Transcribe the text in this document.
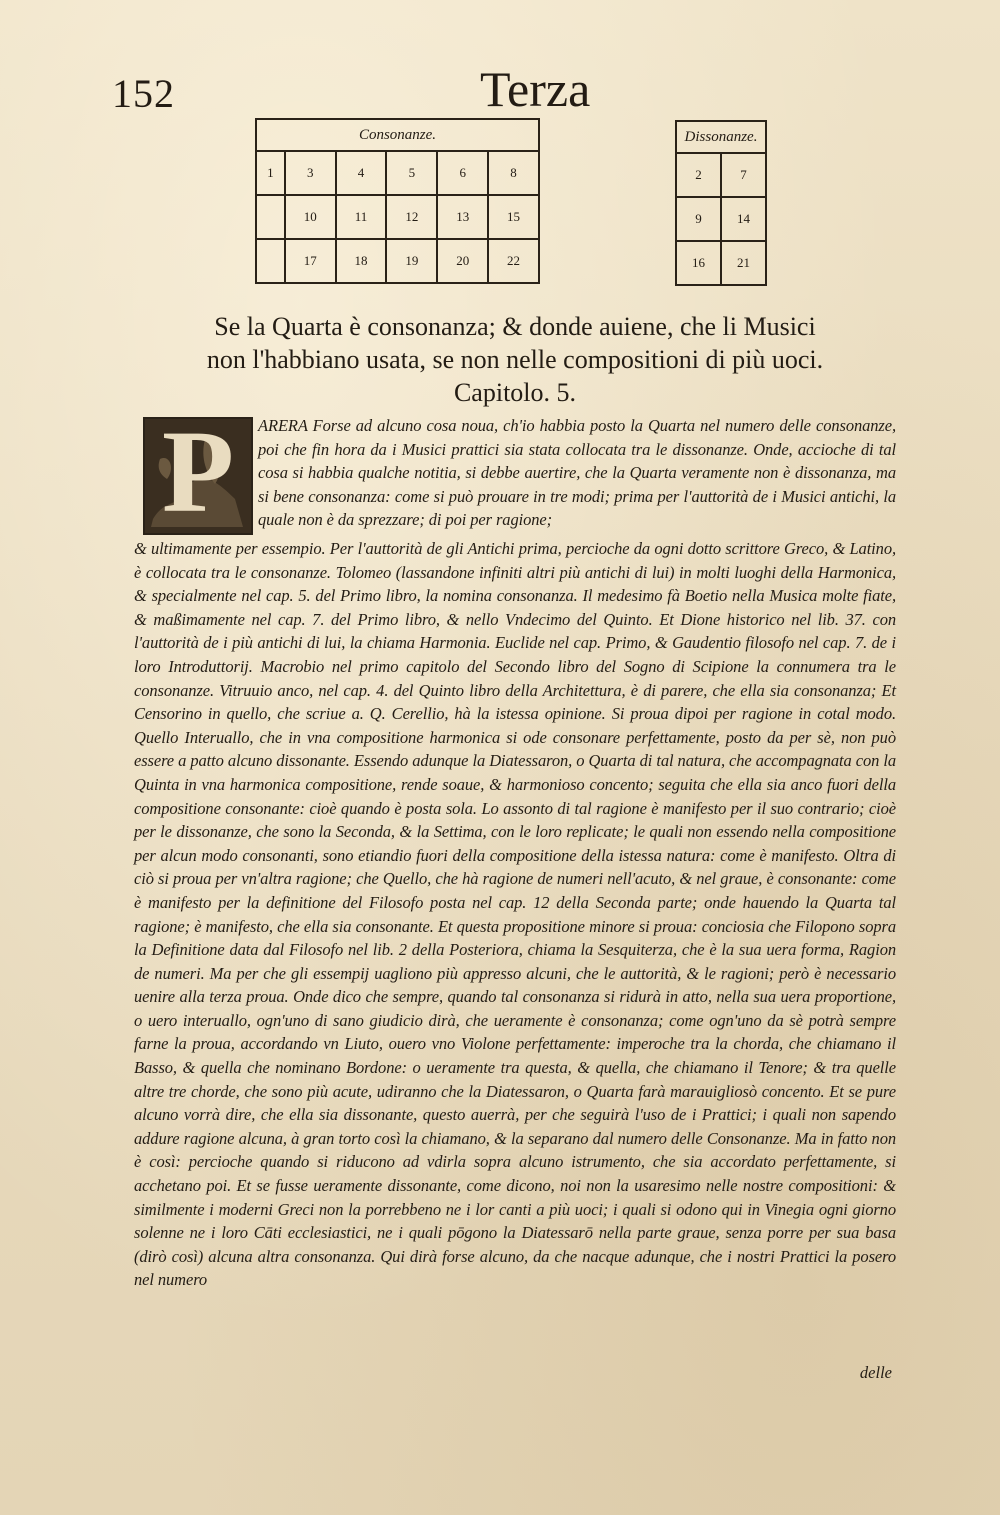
152	Terza
Consonanze.					
1	3	4	5	6	8
	10	11	12	13	15
	17	18	19	20	22
Dissonanze.	
2	7
9	14
16	21
Se la Quarta è consonanza; & donde auiene, che li Musici non l'habbiano usata, se non nelle compositioni di più uoci. Capitolo. 5.
P	ARERA Forse ad alcuno cosa noua, ch'io habbia posto la Quarta nel numero delle consonanze, poi che fin hora da i Musici prattici sia stata collocata tra le dissonanze. Onde, accioche di tal cosa si habbia qualche notitia, si debbe auertire, che la Quarta veramente non è dissonanza, ma si bene consonanza: come si può prouare in tre modi; prima per l'auttorità de i Musici antichi, la quale non è da sprezzare; di poi per ragione;
& ultimamente per essempio. Per l'auttorità de gli Antichi prima, percioche da ogni dotto scrittore Greco, & Latino, è collocata tra le consonanze. Tolomeo (lassandone infiniti altri più antichi di lui) in molti luoghi della Harmonica, & specialmente nel cap. 5. del Primo libro, la nomina consonanza. Il medesimo fà Boetio nella Musica molte fiate, & maßimamente nel cap. 7. del Primo libro, & nello Vndecimo del Quinto. Et Dione historico nel lib. 37. con l'auttorità de i più antichi di lui, la chiama Harmonia. Euclide nel cap. Primo, & Gaudentio filosofo nel cap. 7. de i loro Introduttorij. Macrobio nel primo capitolo del Secondo libro del Sogno di Scipione la connumera tra le consonanze. Vitruuio anco, nel cap. 4. del Quinto libro della Architettura, è di parere, che ella sia consonanza; Et Censorino in quello, che scriue a. Q. Cerellio, hà la istessa opinione. Si proua dipoi per ragione in cotal modo. Quello Interuallo, che in vna compositione harmonica si ode consonare perfettamente, posto da per sè, non può essere a patto alcuno dissonante. Essendo adunque la Diatessaron, o Quarta di tal natura, che accompagnata con la Quinta in vna harmonica compositione, rende soaue, & harmonioso concento; seguita che ella sia anco fuori della compositione consonante: cioè quando è posta sola. Lo assonto di tal ragione è manifesto per il suo contrario; cioè per le dissonanze, che sono la Seconda, & la Settima, con le loro replicate; le quali non essendo nella compositione per alcun modo consonanti, sono etiandio fuori della compositione della istessa natura: come è manifesto. Oltra di ciò si proua per vn'altra ragione; che Quello, che hà ragione de numeri nell'acuto, & nel graue, è consonante: come è manifesto per la definitione del Filosofo posta nel cap. 12 della Seconda parte; onde hauendo la Quarta tal ragione; è manifesto, che ella sia consonante. Et questa propositione minore si proua: conciosia che Filopono sopra la Definitione data dal Filosofo nel lib. 2 della Posteriora, chiama la Sesquiterza, che è la sua uera forma, Ragion de numeri. Ma per che gli essempij uagliono più appresso alcuni, che le auttorità, & le ragioni; però è necessario uenire alla terza proua. Onde dico che sempre, quando tal consonanza si ridurà in atto, nella sua uera proportione, o uero interuallo, ogn'uno di sano giudicio dirà, che ueramente è consonanza; come ogn'uno da sè potrà sempre farne la proua, accordando vn Liuto, ouero vno Violone perfettamente: imperoche tra la chorda, che chiamano il Basso, & quella che nominano Bordone: o ueramente tra questa, & quella, che chiamano il Tenore; & tra quelle altre tre chorde, che sono più acute, udiranno che la Diatessaron, o Quarta farà marauigliosò concento. Et se pure alcuno vorrà dire, che ella sia dissonante, questo auerrà, per che seguirà l'uso de i Prattici; i quali non sapendo addure ragione alcuna, à gran torto così la chiamano, & la separano dal numero delle Consonanze. Ma in fatto non è così: percioche quando si riducono ad vdirla sopra alcuno istrumento, che sia accordato perfettamente, si acchetano poi. Et se fusse ueramente dissonante, come dicono, noi non la usaresimo nelle nostre compositioni: & similmente i moderni Greci non la porrebbeno ne i lor canti a più uoci; i quali si odono qui in Vinegia ogni giorno solenne ne i loro Cāti ecclesiastici, ne i quali pōgono la Diatessarō nella parte graue, senza porre per sua basa (dirò così) alcuna altra consonanza. Qui dirà forse alcuno, da che nacque adunque, che i nostri Prattici la posero nel numero
delle
